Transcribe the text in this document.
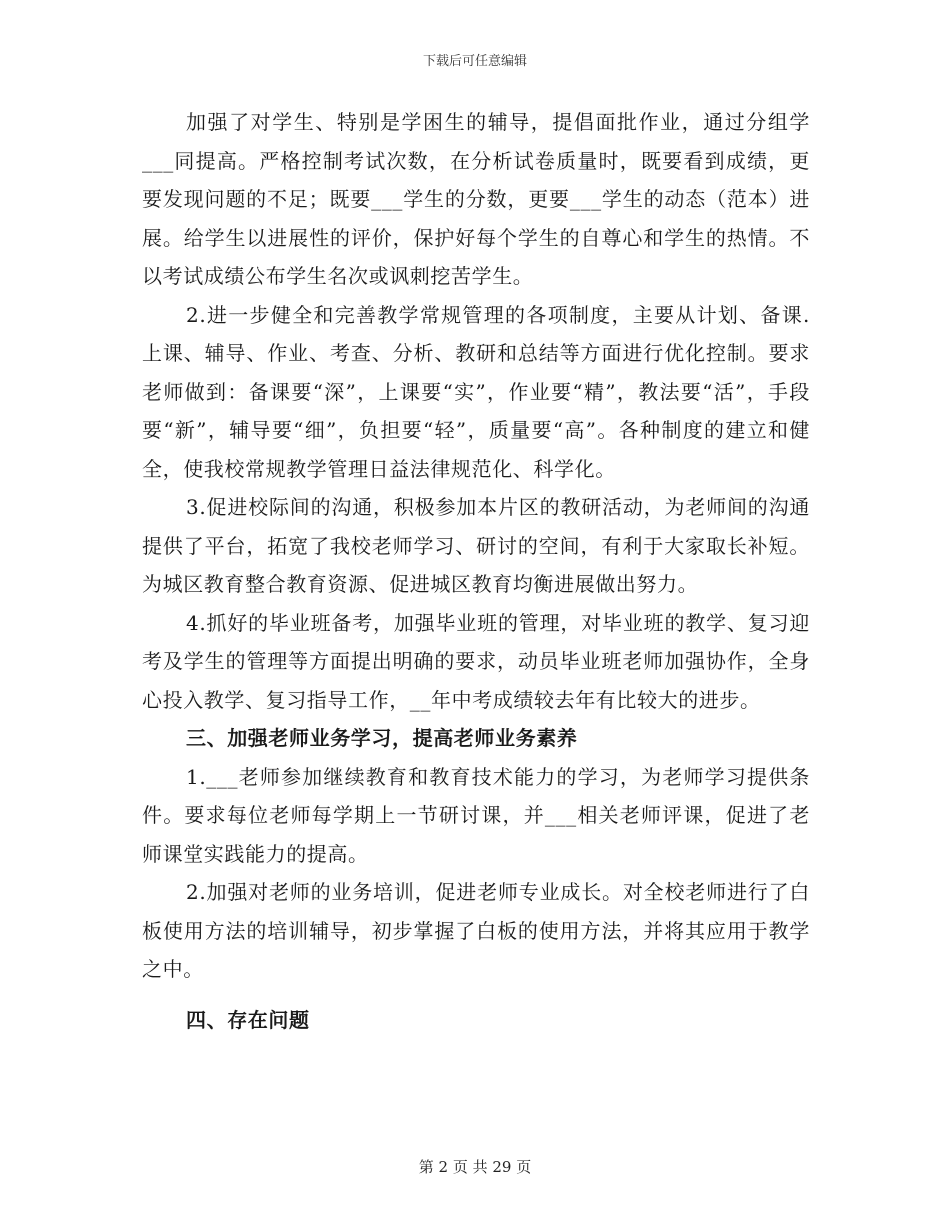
下载后可任意编辑

加强了对学生、特别是学困生的辅导，提倡面批作业，通过分组学___同提高。严格控制考试次数，在分析试卷质量时，既要看到成绩，更要发现问题的不足；既要___学生的分数，更要___学生的动态（范本）进展。给学生以进展性的评价，保护好每个学生的自尊心和学生的热情。不以考试成绩公布学生名次或讽刺挖苦学生。

2.进一步健全和完善教学常规管理的各项制度，主要从计划、备课.上课、辅导、作业、考查、分析、教研和总结等方面进行优化控制。要求老师做到：备课要“深”，上课要“实”，作业要“精”，教法要“活”，手段要“新”，辅导要“细”，负担要“轻”，质量要“高”。各种制度的建立和健全，使我校常规教学管理日益法律规范化、科学化。

3.促进校际间的沟通，积极参加本片区的教研活动，为老师间的沟通提供了平台，拓宽了我校老师学习、研讨的空间，有利于大家取长补短。为城区教育整合教育资源、促进城区教育均衡进展做出努力。

4.抓好的毕业班备考，加强毕业班的管理，对毕业班的教学、复习迎考及学生的管理等方面提出明确的要求，动员毕业班老师加强协作，全身心投入教学、复习指导工作，__年中考成绩较去年有比较大的进步。

三、加强老师业务学习，提高老师业务素养

1.___老师参加继续教育和教育技术能力的学习，为老师学习提供条件。要求每位老师每学期上一节研讨课，并___相关老师评课，促进了老师课堂实践能力的提高。

2.加强对老师的业务培训，促进老师专业成长。对全校老师进行了白板使用方法的培训辅导，初步掌握了白板的使用方法，并将其应用于教学之中。

四、存在问题

第 2 页 共 29 页
